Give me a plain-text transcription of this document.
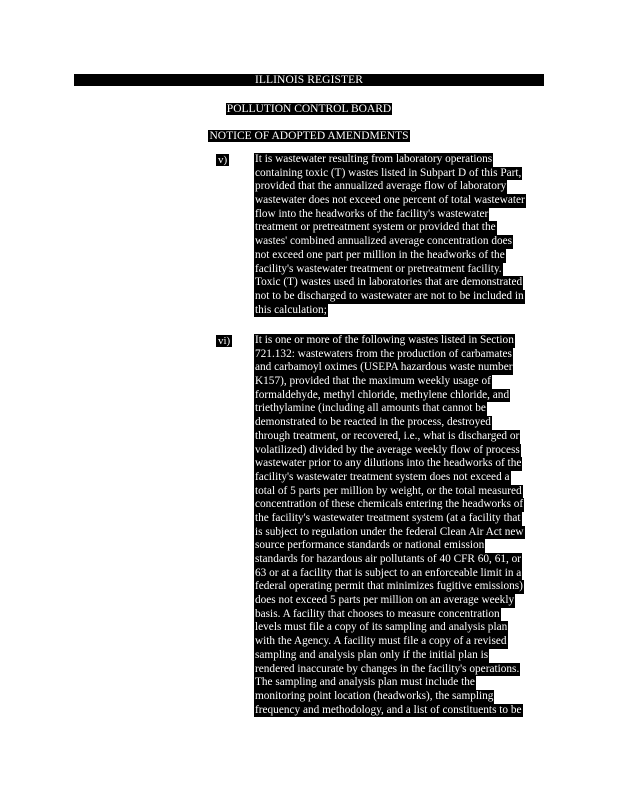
ILLINOIS REGISTER
POLLUTION CONTROL BOARD
NOTICE OF ADOPTED AMENDMENTS
v) It is wastewater resulting from laboratory operations
containing toxic (T) wastes listed in Subpart D of this Part,
provided that the annualized average flow of laboratory
wastewater does not exceed one percent of total wastewater
flow into the headworks of the facility's wastewater
treatment or pretreatment system or provided that the
wastes' combined annualized average concentration does
not exceed one part per million in the headworks of the
facility's wastewater treatment or pretreatment facility.
Toxic (T) wastes used in laboratories that are demonstrated
not to be discharged to wastewater are not to be included in
this calculation;
vi) It is one or more of the following wastes listed in Section
721.132: wastewaters from the production of carbamates
and carbamoyl oximes (USEPA hazardous waste number
K157), provided that the maximum weekly usage of
formaldehyde, methyl chloride, methylene chloride, and
triethylamine (including all amounts that cannot be
demonstrated to be reacted in the process, destroyed
through treatment, or recovered, i.e., what is discharged or
volatilized) divided by the average weekly flow of process
wastewater prior to any dilutions into the headworks of the
facility's wastewater treatment system does not exceed a
total of 5 parts per million by weight, or the total measured
concentration of these chemicals entering the headworks of
the facility's wastewater treatment system (at a facility that
is subject to regulation under the federal Clean Air Act new
source performance standards or national emission
standards for hazardous air pollutants of 40 CFR 60, 61, or
63 or at a facility that is subject to an enforceable limit in a
federal operating permit that minimizes fugitive emissions)
does not exceed 5 parts per million on an average weekly
basis. A facility that chooses to measure concentration
levels must file a copy of its sampling and analysis plan
with the Agency. A facility must file a copy of a revised
sampling and analysis plan only if the initial plan is
rendered inaccurate by changes in the facility's operations.
The sampling and analysis plan must include the
monitoring point location (headworks), the sampling
frequency and methodology, and a list of constituents to be
